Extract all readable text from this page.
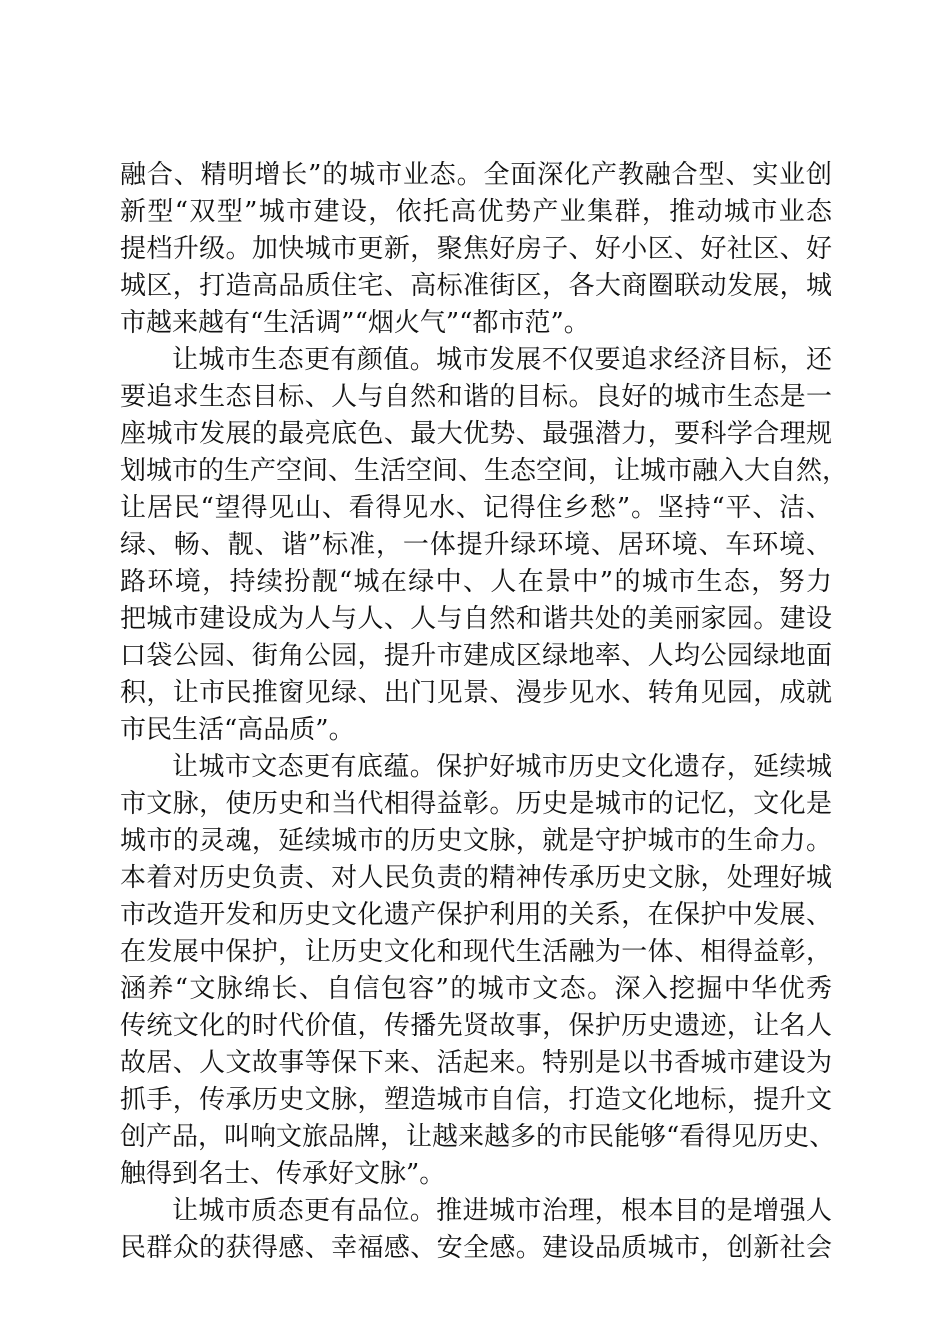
融合、精明增长”的城市业态。全面深化产教融合型、实业创
新型“双型”城市建设，依托高优势产业集群，推动城市业态
提档升级。加快城市更新，聚焦好房子、好小区、好社区、好
城区，打造高品质住宅、高标准街区，各大商圈联动发展，城
市越来越有“生活调”“烟火气”“都市范”。
让城市生态更有颜值。城市发展不仅要追求经济目标，还
要追求生态目标、人与自然和谐的目标。良好的城市生态是一
座城市发展的最亮底色、最大优势、最强潜力，要科学合理规
划城市的生产空间、生活空间、生态空间，让城市融入大自然，
让居民“望得见山、看得见水、记得住乡愁”。坚持“平、洁、
绿、畅、靓、谐”标准，一体提升绿环境、居环境、车环境、
路环境，持续扮靓“城在绿中、人在景中”的城市生态，努力
把城市建设成为人与人、人与自然和谐共处的美丽家园。建设
口袋公园、街角公园，提升市建成区绿地率、人均公园绿地面
积，让市民推窗见绿、出门见景、漫步见水、转角见园，成就
市民生活“高品质”。
让城市文态更有底蕴。保护好城市历史文化遗存，延续城
市文脉，使历史和当代相得益彰。历史是城市的记忆，文化是
城市的灵魂，延续城市的历史文脉，就是守护城市的生命力。
本着对历史负责、对人民负责的精神传承历史文脉，处理好城
市改造开发和历史文化遗产保护利用的关系，在保护中发展、
在发展中保护，让历史文化和现代生活融为一体、相得益彰，
涵养“文脉绵长、自信包容”的城市文态。深入挖掘中华优秀
传统文化的时代价值，传播先贤故事，保护历史遗迹，让名人
故居、人文故事等保下来、活起来。特别是以书香城市建设为
抓手，传承历史文脉，塑造城市自信，打造文化地标，提升文
创产品，叫响文旅品牌，让越来越多的市民能够“看得见历史、
触得到名士、传承好文脉”。
让城市质态更有品位。推进城市治理，根本目的是增强人
民群众的获得感、幸福感、安全感。建设品质城市，创新社会
